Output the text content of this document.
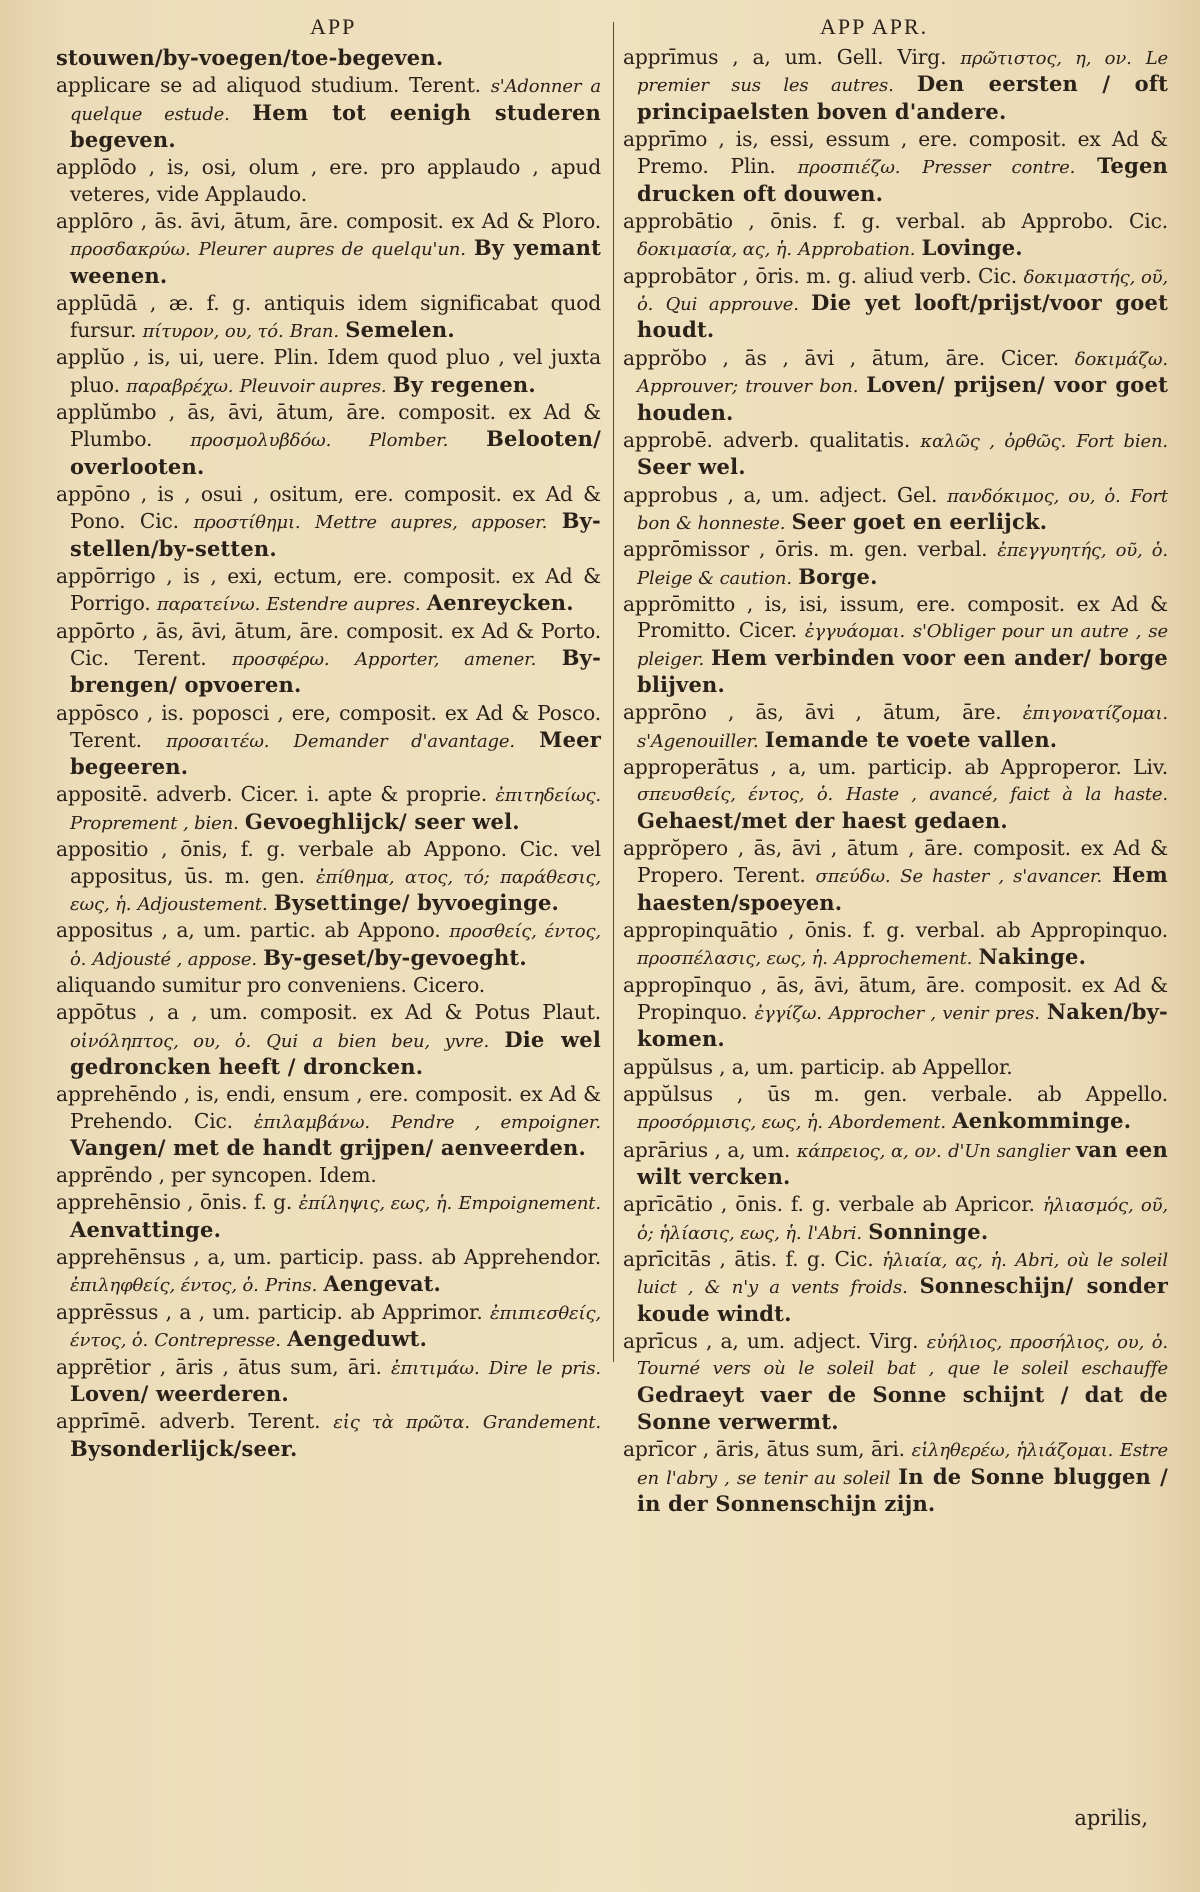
APP	APP APR.

stouwen/by-voegen/toe-begeven.

applicare se ad aliquod studium. Terent. s'Adonner a quelque estude. Hem tot eenigh studeren begeven.

applōdo , is, osi, olum , ere. pro applaudo , apud veteres, vide Applaudo.

applōro , ās. āvi, ātum, āre. composit. ex Ad & Ploro. προσδακρύω. Pleurer aupres de quelqu'un. By yemant weenen.

applūdā , æ. f. g. antiquis idem significabat quod fursur. πίτυρον, ου, τό. Bran. Semelen.

applŭo , is, ui, uere. Plin. Idem quod pluo , vel juxta pluo. παραβρέχω. Pleuvoir aupres. By regenen.

applŭmbo , ās, āvi, ātum, āre. composit. ex Ad & Plumbo. προσμολυβδόω. Plomber. Belooten/ overlooten.

appōno , is , osui , ositum, ere. composit. ex Ad & Pono. Cic. προστίθημι. Mettre aupres, apposer. By-stellen/by-setten.

appōrrigo , is , exi, ectum, ere. composit. ex Ad & Porrigo. παρατείνω. Estendre aupres. Aenreycken.

appōrto , ās, āvi, ātum, āre. composit. ex Ad & Porto. Cic. Terent. προσφέρω. Apporter, amener. By-brengen/ opvoeren.

appōsco , is. poposci , ere, composit. ex Ad & Posco. Terent. προσαιτέω. Demander d'avantage. Meer begeeren.

appositē. adverb. Cicer. i. apte & proprie. ἐπιτηδείως. Proprement , bien. Gevoeghlijck/ seer wel.

appositio , ōnis, f. g. verbale ab Appono. Cic. vel appositus, ūs. m. gen. ἐπίθημα, ατος, τό; παράθεσις, εως, ἡ. Adjoustement. Bysettinge/ byvoeginge.

appositus , a, um. partic. ab Appono. προσθείς, έντος, ὁ. Adjousté , appose. By-geset/by-gevoeght.

aliquando sumitur pro conveniens. Cicero.

appōtus , a , um. composit. ex Ad & Potus Plaut. οἰνόληπτος, ου, ὁ. Qui a bien beu, yvre. Die wel gedroncken heeft / droncken.

apprehēndo , is, endi, ensum , ere. composit. ex Ad & Prehendo. Cic. ἐπιλαμβάνω. Pendre , empoigner. Vangen/ met de handt grijpen/ aenveerden.

apprēndo , per syncopen. Idem.

apprehēnsio , ōnis. f. g. ἐπίληψις, εως, ἡ. Empoignement. Aenvattinge.

apprehēnsus , a, um. particip. pass. ab Apprehendor. ἐπιληφθείς, έντος, ὁ. Prins. Aengevat.

apprēssus , a , um. particip. ab Apprimor. ἐπιπιεσθείς, έντος, ὁ. Contrepresse. Aengeduwt.

apprētior , āris , ātus sum, āri. ἐπιτιμάω. Dire le pris. Loven/ weerderen.

apprīmē. adverb. Terent. εἰς τὰ πρῶτα. Grandement. Bysonderlijck/seer.

apprīmus , a, um. Gell. Virg. πρῶτιστος, η, ον. Le premier sus les autres. Den eersten / oft principaelsten boven d'andere.

apprīmo , is, essi, essum , ere. composit. ex Ad & Premo. Plin. προσπιέζω. Presser contre. Tegen drucken oft douwen.

approbātio , ōnis. f. g. verbal. ab Approbo. Cic. δοκιμασία, ας, ἡ. Approbation. Lovinge.

approbātor , ōris. m. g. aliud verb. Cic. δοκιμαστής, οῦ, ὁ. Qui approuve. Die yet looft/prijst/voor goet houdt.

apprŏbo , ās , āvi , ātum, āre. Cicer. δοκιμάζω. Approuver; trouver bon. Loven/ prijsen/ voor goet houden.

approbē. adverb. qualitatis. καλῶς , ὀρθῶς. Fort bien. Seer wel.

approbus , a, um. adject. Gel. πανδόκιμος, ου, ὁ. Fort bon & honneste. Seer goet en eerlijck.

apprōmissor , ōris. m. gen. verbal. ἐπεγγυητής, οῦ, ὁ. Pleige & caution. Borge.

apprōmitto , is, isi, issum, ere. composit. ex Ad & Promitto. Cicer. ἐγγυάομαι. s'Obliger pour un autre , se pleiger. Hem verbinden voor een ander/ borge blijven.

apprōno , ās, āvi , ātum, āre. ἐπιγονατίζομαι. s'Agenouiller. Iemande te voete vallen.

approperātus , a, um. particip. ab Approperor. Liv. σπευσθείς, έντος, ὁ. Haste , avancé, faict à la haste. Gehaest/met der haest gedaen.

apprŏpero , ās, āvi , ātum , āre. composit. ex Ad & Propero. Terent. σπεύδω. Se haster , s'avancer. Hem haesten/spoeyen.

appropinquātio , ōnis. f. g. verbal. ab Appropinquo. προσπέλασις, εως, ἡ. Approchement. Nakinge.

appropīnquo , ās, āvi, ātum, āre. composit. ex Ad & Propinquo. ἐγγίζω. Approcher , venir pres. Naken/by-komen.

appŭlsus , a, um. particip. ab Appellor.

appŭlsus , ūs m. gen. verbale. ab Appello. προσόρμισις, εως, ἡ. Abordement. Aenkomminge.

aprārius , a, um. κάπρειος, α, ον. d'Un sanglier van een wilt vercken.

aprīcātio , ōnis. f. g. verbale ab Apricor. ἡλιασμός, οῦ, ὁ; ἡλίασις, εως, ἡ. l'Abri. Sonninge.

aprīcitās , ātis. f. g. Cic. ἡλιαία, ας, ἡ. Abri, où le soleil luict , & n'y a vents froids. Sonneschijn/ sonder koude windt.

aprīcus , a, um. adject. Virg. εὐήλιος, προσήλιος, ου, ὁ. Tourné vers où le soleil bat , que le soleil eschauffe Gedraeyt vaer de Sonne schijnt / dat de Sonne verwermt.

aprīcor , āris, ātus sum, āri. εἱληθερέω, ἡλιάζομαι. Estre en l'abry , se tenir au soleil In de Sonne bluggen / in der Sonnenschijn zijn.

aprilis,
